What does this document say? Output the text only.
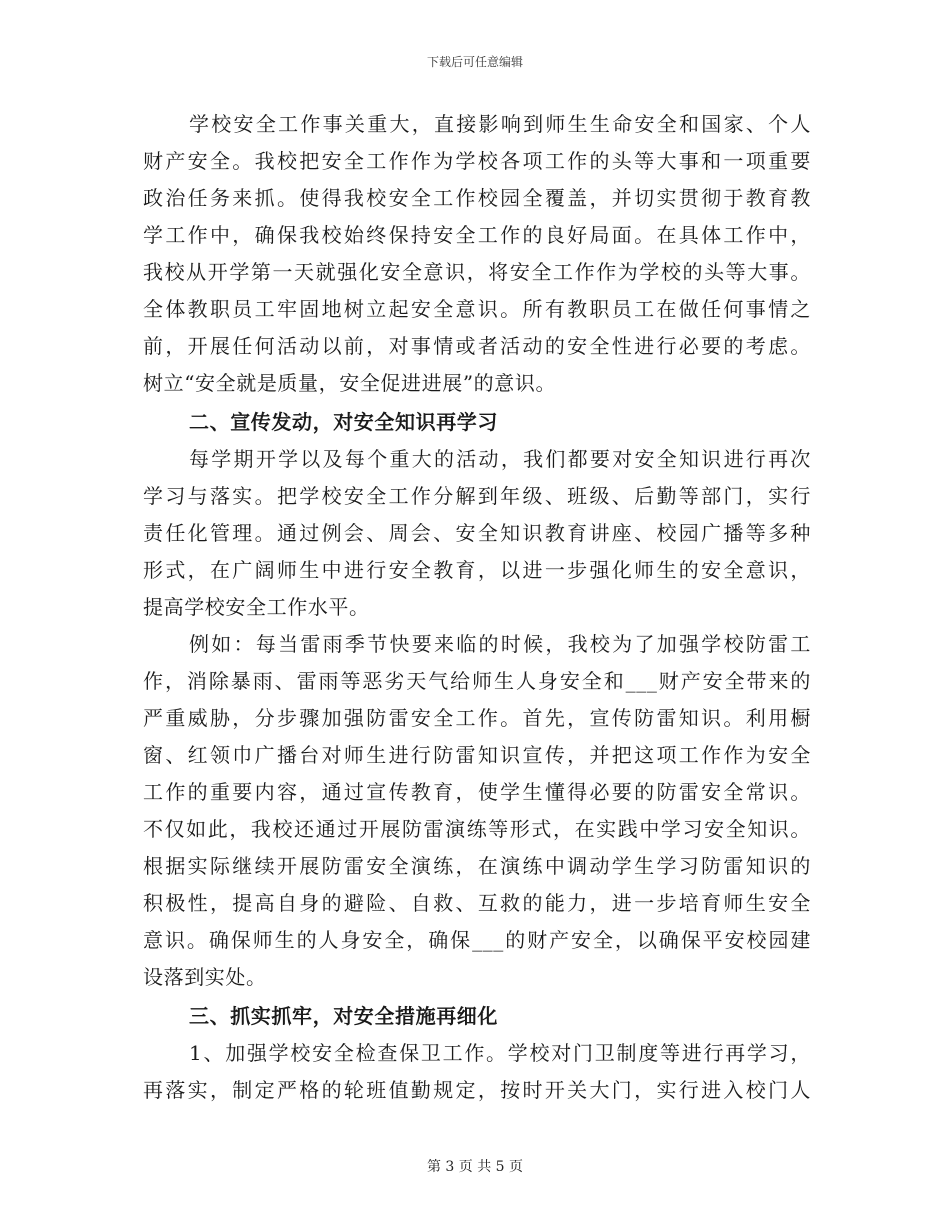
下载后可任意编辑
学校安全工作事关重大，直接影响到师生生命安全和国家、个人
财产安全。我校把安全工作作为学校各项工作的头等大事和一项重要
政治任务来抓。使得我校安全工作校园全覆盖，并切实贯彻于教育教
学工作中，确保我校始终保持安全工作的良好局面。在具体工作中，
我校从开学第一天就强化安全意识，将安全工作作为学校的头等大事。
全体教职员工牢固地树立起安全意识。所有教职员工在做任何事情之
前，开展任何活动以前，对事情或者活动的安全性进行必要的考虑。
树立“安全就是质量，安全促进进展”的意识。
二、宣传发动，对安全知识再学习
每学期开学以及每个重大的活动，我们都要对安全知识进行再次
学习与落实。把学校安全工作分解到年级、班级、后勤等部门，实行
责任化管理。通过例会、周会、安全知识教育讲座、校园广播等多种
形式，在广阔师生中进行安全教育，以进一步强化师生的安全意识，
提高学校安全工作水平。
例如：每当雷雨季节快要来临的时候，我校为了加强学校防雷工
作，消除暴雨、雷雨等恶劣天气给师生人身安全和___财产安全带来的
严重威胁，分步骤加强防雷安全工作。首先，宣传防雷知识。利用橱
窗、红领巾广播台对师生进行防雷知识宣传，并把这项工作作为安全
工作的重要内容，通过宣传教育，使学生懂得必要的防雷安全常识。
不仅如此，我校还通过开展防雷演练等形式，在实践中学习安全知识。
根据实际继续开展防雷安全演练，在演练中调动学生学习防雷知识的
积极性，提高自身的避险、自救、互救的能力，进一步培育师生安全
意识。确保师生的人身安全，确保___的财产安全，以确保平安校园建
设落到实处。
三、抓实抓牢，对安全措施再细化
1、加强学校安全检查保卫工作。学校对门卫制度等进行再学习，
再落实，制定严格的轮班值勤规定，按时开关大门，实行进入校门人
第 3 页 共 5 页
